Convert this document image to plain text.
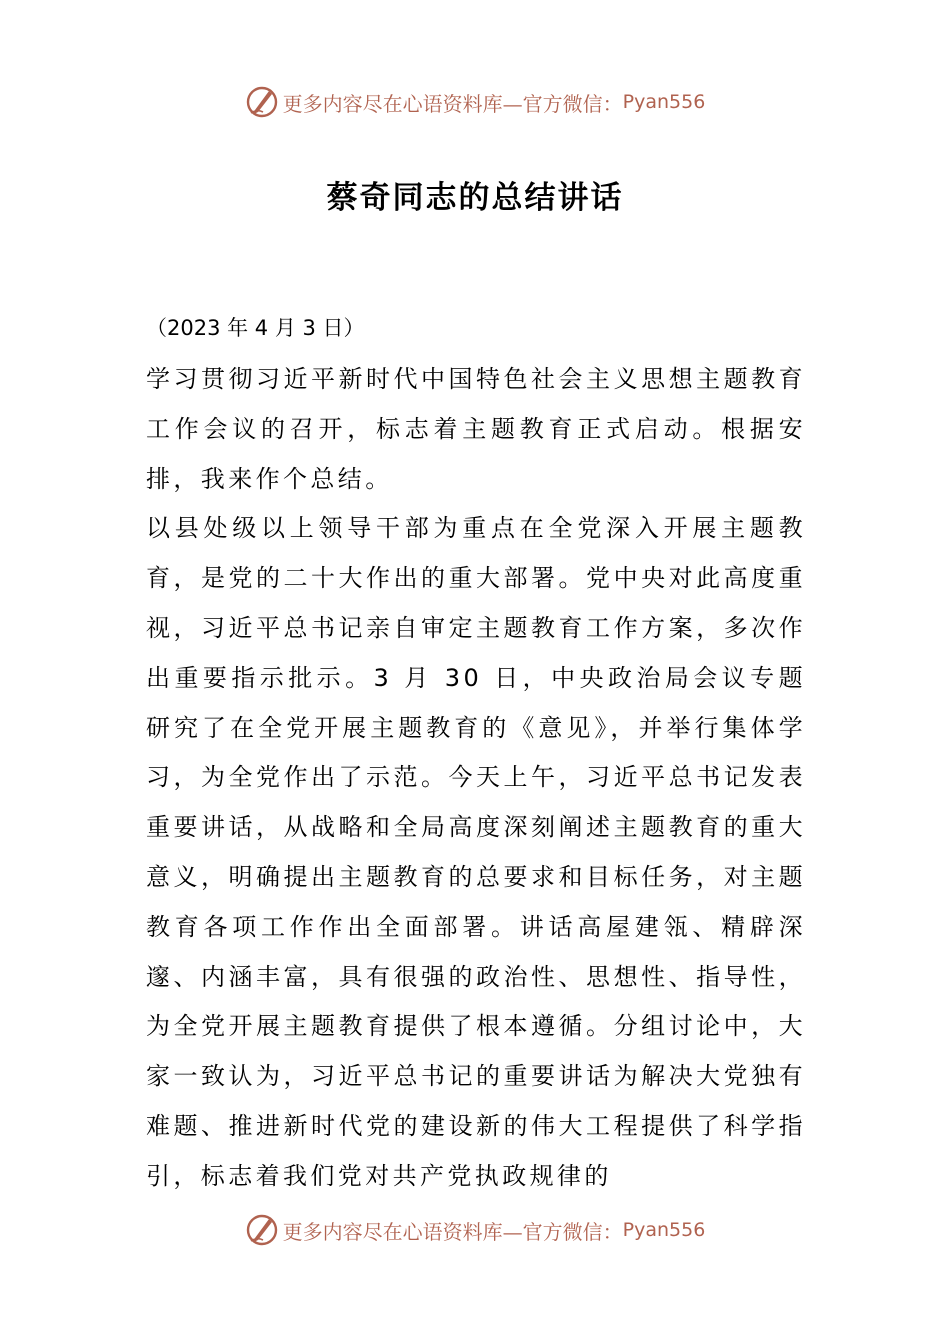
更多内容尽在心语资料库—官方微信： Pyan556
蔡奇同志的总结讲话
（2023 年 4 月 3 日）

学习贯彻习近平新时代中国特色社会主义思想主题教育工作会议的召开，标志着主题教育正式启动。根据安排，我来作个总结。

以县处级以上领导干部为重点在全党深入开展主题教育，是党的二十大作出的重大部署。党中央对此高度重视，习近平总书记亲自审定主题教育工作方案，多次作出重要指示批示。3 月 30 日，中央政治局会议专题研究了在全党开展主题教育的《意见》，并举行集体学习，为全党作出了示范。今天上午，习近平总书记发表重要讲话，从战略和全局高度深刻阐述主题教育的重大意义，明确提出主题教育的总要求和目标任务，对主题教育各项工作作出全面部署。讲话高屋建瓴、精辟深邃、内涵丰富，具有很强的政治性、思想性、指导性，为全党开展主题教育提供了根本遵循。分组讨论中，大家一致认为，习近平总书记的重要讲话为解决大党独有难题、推进新时代党的建设新的伟大工程提供了科学指引，标志着我们党对共产党执政规律的

更多内容尽在心语资料库—官方微信： Pyan556
